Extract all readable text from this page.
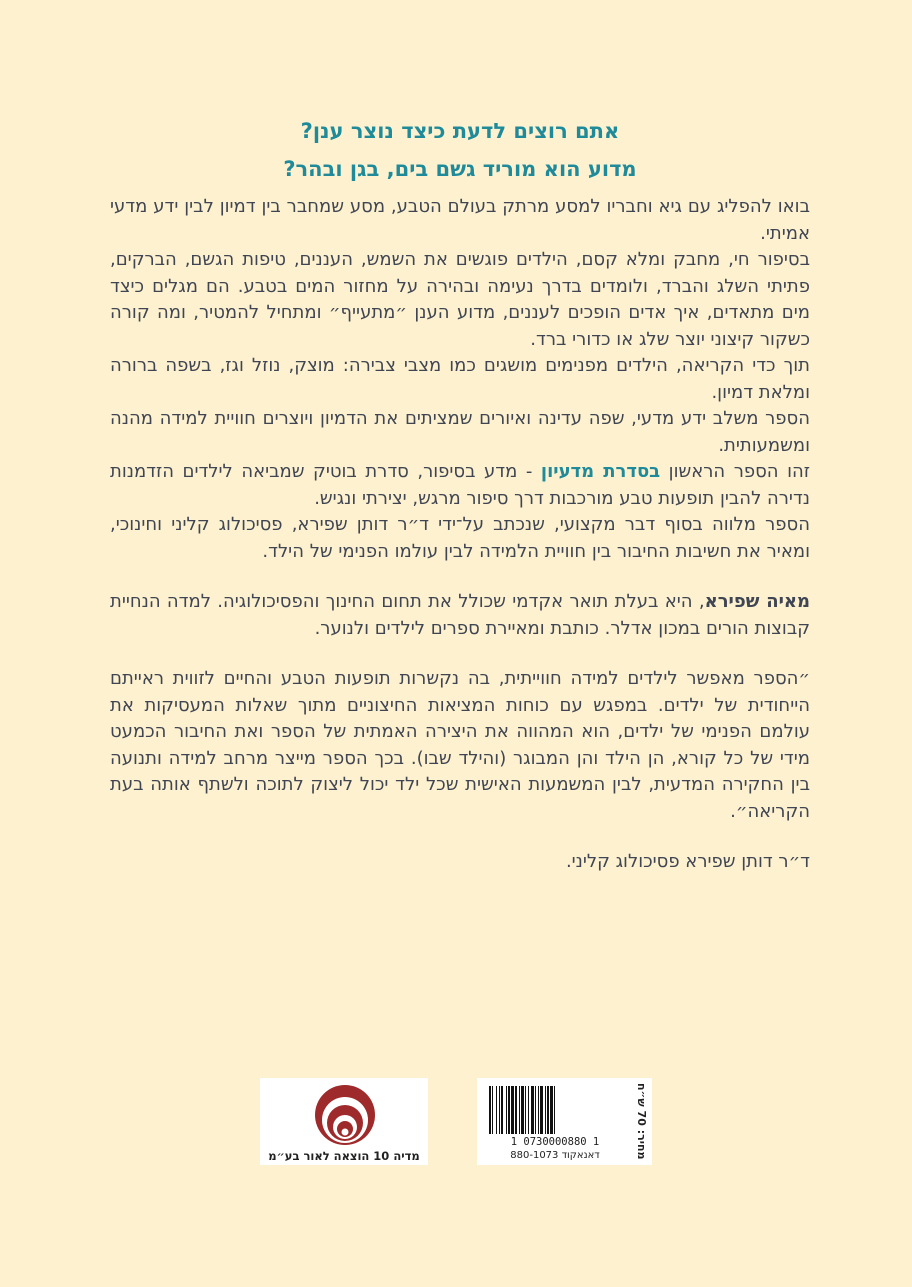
אתם רוצים לדעת כיצד נוצר ענן?

מדוע הוא מוריד גשם בים, בגן ובהר?

בואו להפליג עם גיא וחבריו למסע מרתק בעולם הטבע, מסע שמחבר בין דמיון לבין ידע מדעי אמיתי.

בסיפור חי, מחבק ומלא קסם, הילדים פוגשים את השמש, העננים, טיפות הגשם, הברקים, פתיתי השלג והברד, ולומדים בדרך נעימה ובהירה על מחזור המים בטבע. הם מגלים כיצד מים מתאדים, איך אדים הופכים לעננים, מדוע הענן ״מתעייף״ ומתחיל להמטיר, ומה קורה כשקור קיצוני יוצר שלג או כדורי ברד.

תוך כדי הקריאה, הילדים מפנימים מושגים כמו מצבי צבירה: מוצק, נוזל וגז, בשפה ברורה ומלאת דמיון.

הספר משלב ידע מדעי, שפה עדינה ואיורים שמציתים את הדמיון ויוצרים חוויית למידה מהנה ומשמעותית.

זהו הספר הראשון בסדרת מדעיון - מדע בסיפור, סדרת בוטיק שמביאה לילדים הזדמנות נדירה להבין תופעות טבע מורכבות דרך סיפור מרגש, יצירתי ונגיש.

הספר מלווה בסוף דבר מקצועי, שנכתב על־ידי ד״ר דותן שפירא, פסיכולוג קליני וחינוכי, ומאיר את חשיבות החיבור בין חוויית הלמידה לבין עולמו הפנימי של הילד.

מאיה שפירא, היא בעלת תואר אקדמי שכולל את תחום החינוך והפסיכולוגיה. למדה הנחיית קבוצות הורים במכון אדלר. כותבת ומאיירת ספרים לילדים ולנוער.

״הספר מאפשר לילדים למידה חווייתית, בה נקשרות תופעות הטבע והחיים לזווית ראייתם הייחודית של ילדים. במפגש עם כוחות המציאות החיצוניים מתוך שאלות המעסיקות את עולמם הפנימי של ילדים, הוא המהווה את היצירה האמתית של הספר ואת החיבור הכמעט מידי של כל קורא, הן הילד והן המבוגר (והילד שבו). בכך הספר מייצר מרחב למידה ותנועה בין החקירה המדעית, לבין המשמעות האישית שכל ילד יכול ליצוק לתוכה ולשתף אותה בעת הקריאה״.

ד״ר דותן שפירא פסיכולוג קליני.

מחיר: 70 ש״ח
1 0730000880 1
דאנאקוד 880-1073
מדיה 10 הוצאה לאור בע״מ
